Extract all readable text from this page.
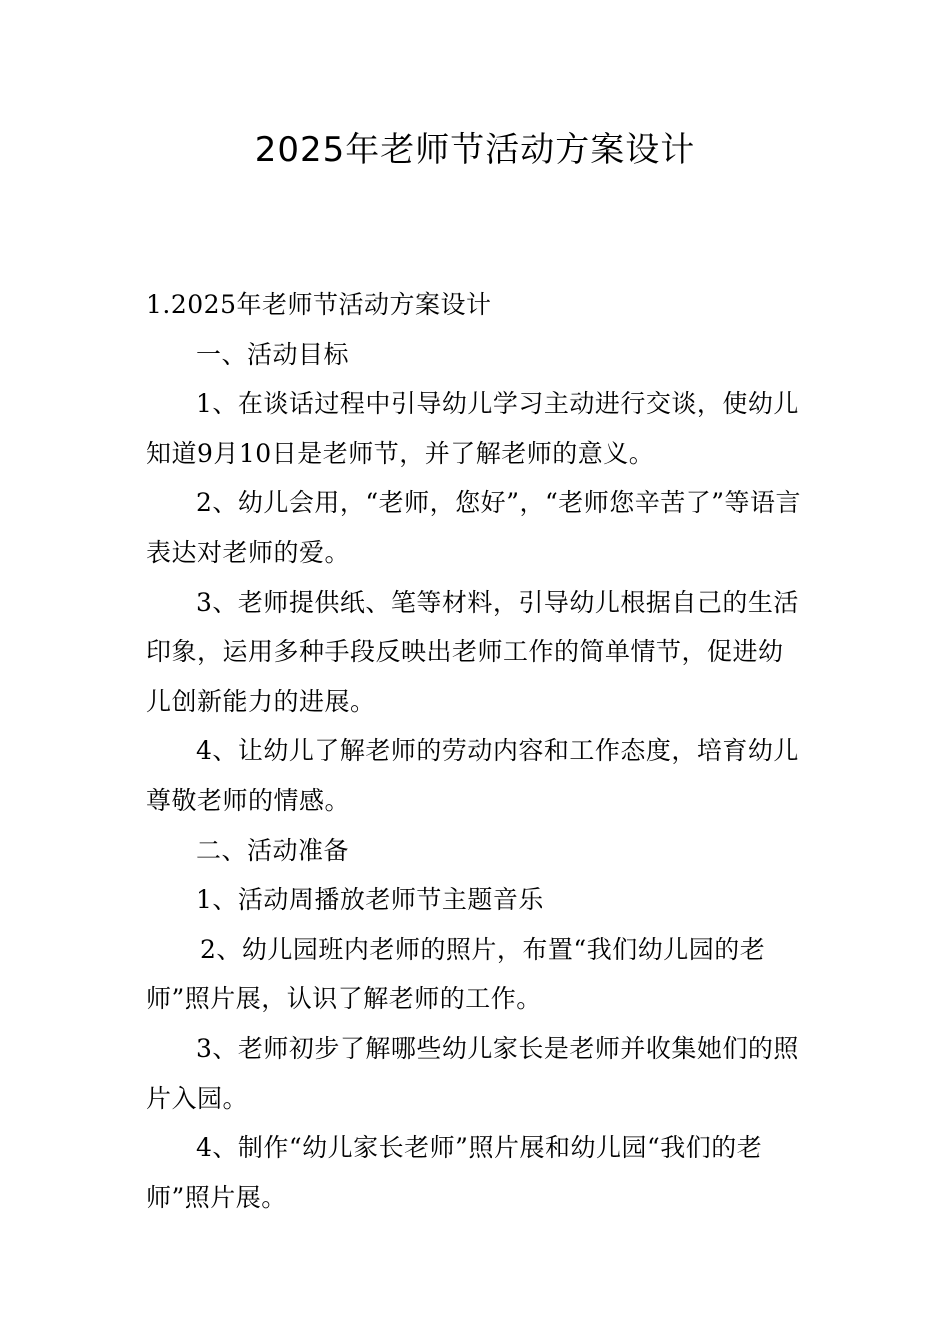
2025年老师节活动方案设计

1.2025年老师节活动方案设计

一、活动目标

1、在谈话过程中引导幼儿学习主动进行交谈，使幼儿知道9月10日是老师节，并了解老师的意义。

2、幼儿会用，“老师，您好”，“老师您辛苦了”等语言表达对老师的爱。

3、老师提供纸、笔等材料，引导幼儿根据自己的生活印象，运用多种手段反映出老师工作的简单情节，促进幼儿创新能力的进展。

4、让幼儿了解老师的劳动内容和工作态度，培育幼儿尊敬老师的情感。

二、活动准备

1、活动周播放老师节主题音乐

2、幼儿园班内老师的照片，布置“我们幼儿园的老师”照片展，认识了解老师的工作。

3、老师初步了解哪些幼儿家长是老师并收集她们的照片入园。

4、制作“幼儿家长老师”照片展和幼儿园“我们的老师”照片展。
